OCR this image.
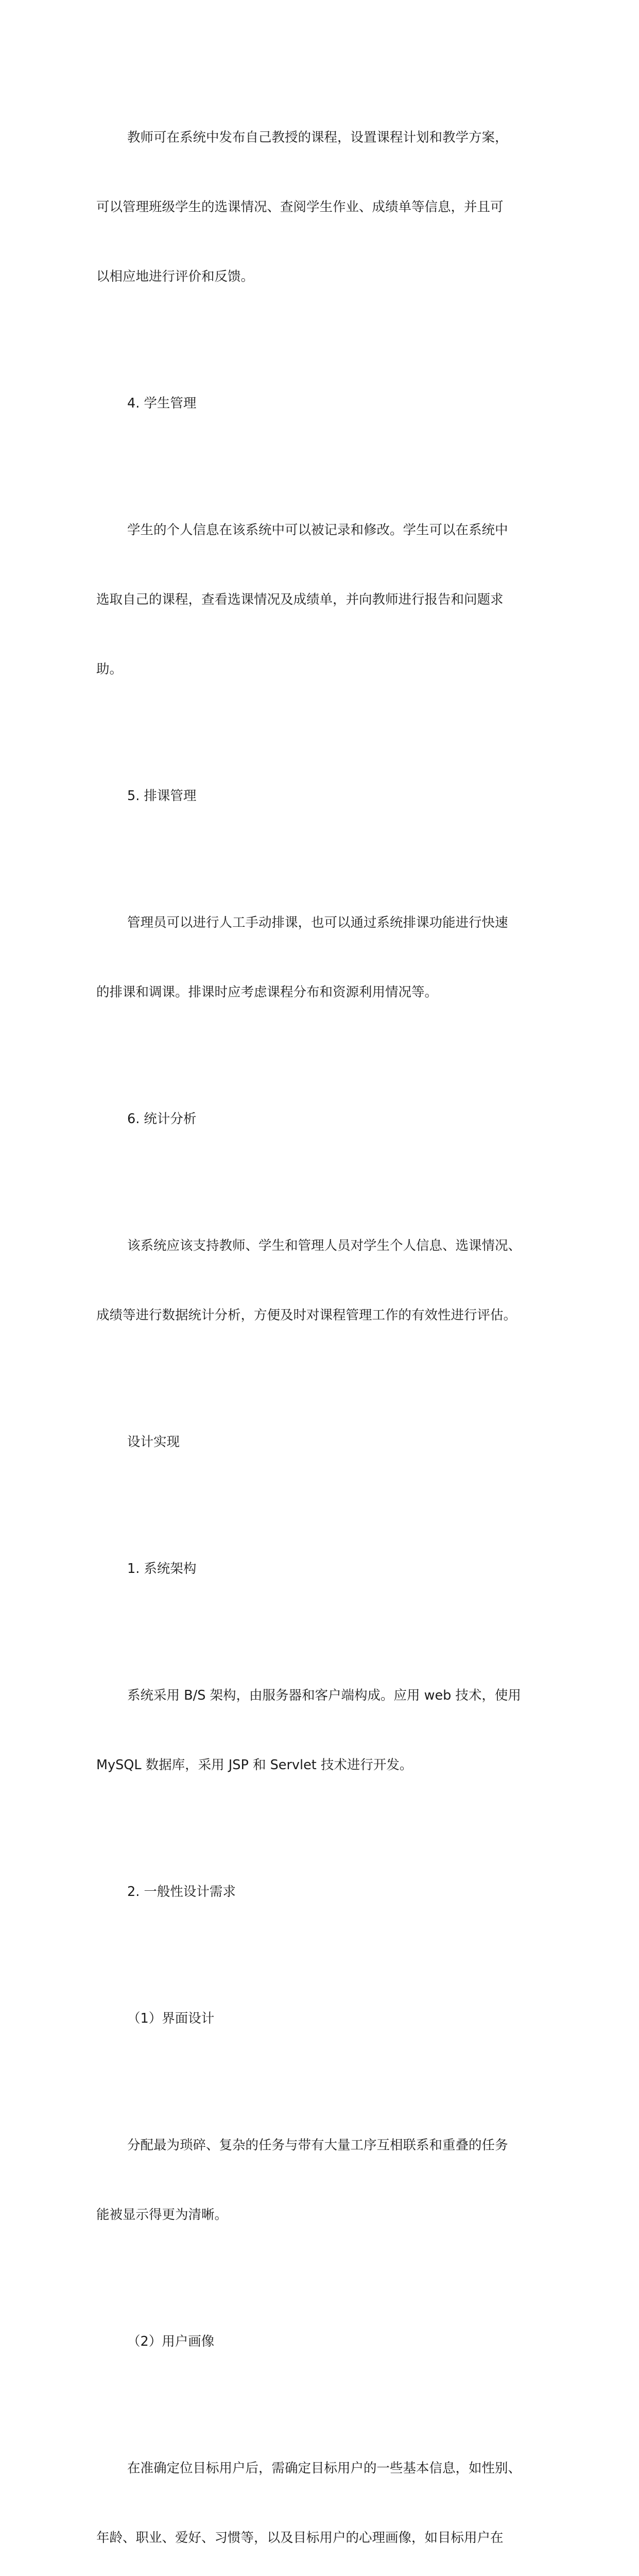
教师可在系统中发布自己教授的课程，设置课程计划和教学方案，

可以管理班级学生的选课情况、查阅学生作业、成绩单等信息，并且可

以相应地进行评价和反馈。

4. 学生管理

学生的个人信息在该系统中可以被记录和修改。学生可以在系统中

选取自己的课程，查看选课情况及成绩单，并向教师进行报告和问题求

助。

5. 排课管理

管理员可以进行人工手动排课，也可以通过系统排课功能进行快速

的排课和调课。排课时应考虑课程分布和资源利用情况等。

6. 统计分析

该系统应该支持教师、学生和管理人员对学生个人信息、选课情况、

成绩等进行数据统计分析，方便及时对课程管理工作的有效性进行评估。

设计实现

1. 系统架构

系统采用 B/S 架构，由服务器和客户端构成。应用 web 技术，使用

MySQL 数据库，采用 JSP 和 Servlet 技术进行开发。

2. 一般性设计需求

（1）界面设计

分配最为琐碎、复杂的任务与带有大量工序互相联系和重叠的任务

能被显示得更为清晰。

（2）用户画像

在准确定位目标用户后，需确定目标用户的一些基本信息，如性别、

年龄、职业、爱好、习惯等，以及目标用户的心理画像，如目标用户在
